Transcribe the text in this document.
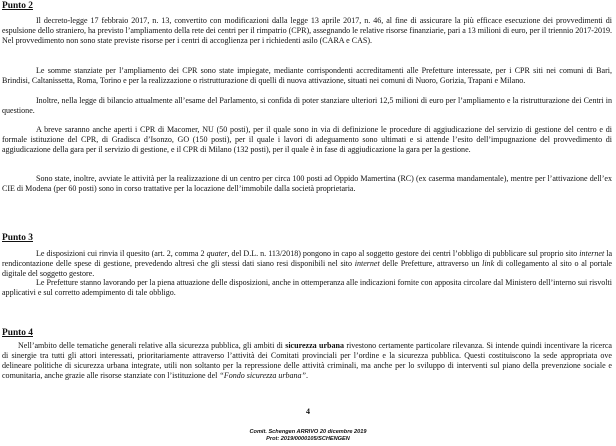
Punto 2

Il decreto-legge 17 febbraio 2017, n. 13, convertito con modificazioni dalla legge 13 aprile 2017, n. 46, al fine di assicurare la più efficace esecuzione dei provvedimenti di espulsione dello straniero, ha previsto l’ampliamento della rete dei centri per il rimpatrio (CPR), assegnando le relative risorse finanziarie, pari a 13 milioni di euro, per il triennio 2017-2019. Nel provvedimento non sono state previste risorse per i centri di accoglienza per i richiedenti asilo (CARA e CAS).

Le somme stanziate per l’ampliamento dei CPR sono state impiegate, mediante corrispondenti accreditamenti alle Prefetture interessate, per i CPR siti nei comuni di Bari, Brindisi, Caltanissetta, Roma, Torino e per la realizzazione o ristrutturazione di quelli di nuova attivazione, situati nei comuni di Nuoro, Gorizia, Trapani e Milano.

Inoltre, nella legge di bilancio attualmente all’esame del Parlamento, si confida di poter stanziare ulteriori 12,5 milioni di euro per l’ampliamento e la ristrutturazione dei Centri in questione.

A breve saranno anche aperti i CPR di Macomer, NU (50 posti), per il quale sono in via di definizione le procedure di aggiudicazione del servizio di gestione del centro e di formale istituzione del CPR, di Gradisca d’Isonzo, GO (150 posti), per il quale i lavori di adeguamento sono ultimati e si attende l’esito dell’impugnazione del provvedimento di aggiudicazione della gara per il servizio di gestione, e il CPR di Milano (132 posti), per il quale è in fase di aggiudicazione la gara per la gestione.

Sono state, inoltre, avviate le attività per la realizzazione di un centro per circa 100 posti ad Oppido Mamertina (RC) (ex caserma mandamentale), mentre per l’attivazione dell’ex CIE di Modena (per 60 posti) sono in corso trattative per la locazione dell’immobile dalla società proprietaria.

Punto 3

Le disposizioni cui rinvia il quesito (art. 2, comma 2 quater, del D.L. n. 113/2018) pongono in capo al soggetto gestore dei centri l’obbligo di pubblicare sul proprio sito internet la rendicontazione delle spese di gestione, prevedendo altresì che gli stessi dati siano resi disponibili nel sito internet delle Prefetture, attraverso un link di collegamento al sito o al portale digitale del soggetto gestore.

Le Prefetture stanno lavorando per la piena attuazione delle disposizioni, anche in ottemperanza alle indicazioni fornite con apposita circolare dal Ministero dell’interno sui risvolti applicativi e sul corretto adempimento di tale obbligo.

Punto 4

Nell’ambito delle tematiche generali relative alla sicurezza pubblica, gli ambiti di sicurezza urbana rivestono certamente particolare rilevanza. Si intende quindi incentivare la ricerca di sinergie tra tutti gli attori interessati, prioritariamente attraverso l’attività dei Comitati provinciali per l’ordine e la sicurezza pubblica. Questi costituiscono la sede appropriata ove delineare politiche di sicurezza urbana integrate, utili non soltanto per la repressione delle attività criminali, ma anche per lo sviluppo di interventi sul piano della prevenzione sociale e comunitaria, anche grazie alle risorse stanziate con l’istituzione del “Fondo sicurezza urbana”.

4
Comit. Schengen ARRIVO 20 dicembre 2019
Prot: 2019/0000105/SCHENGEN
